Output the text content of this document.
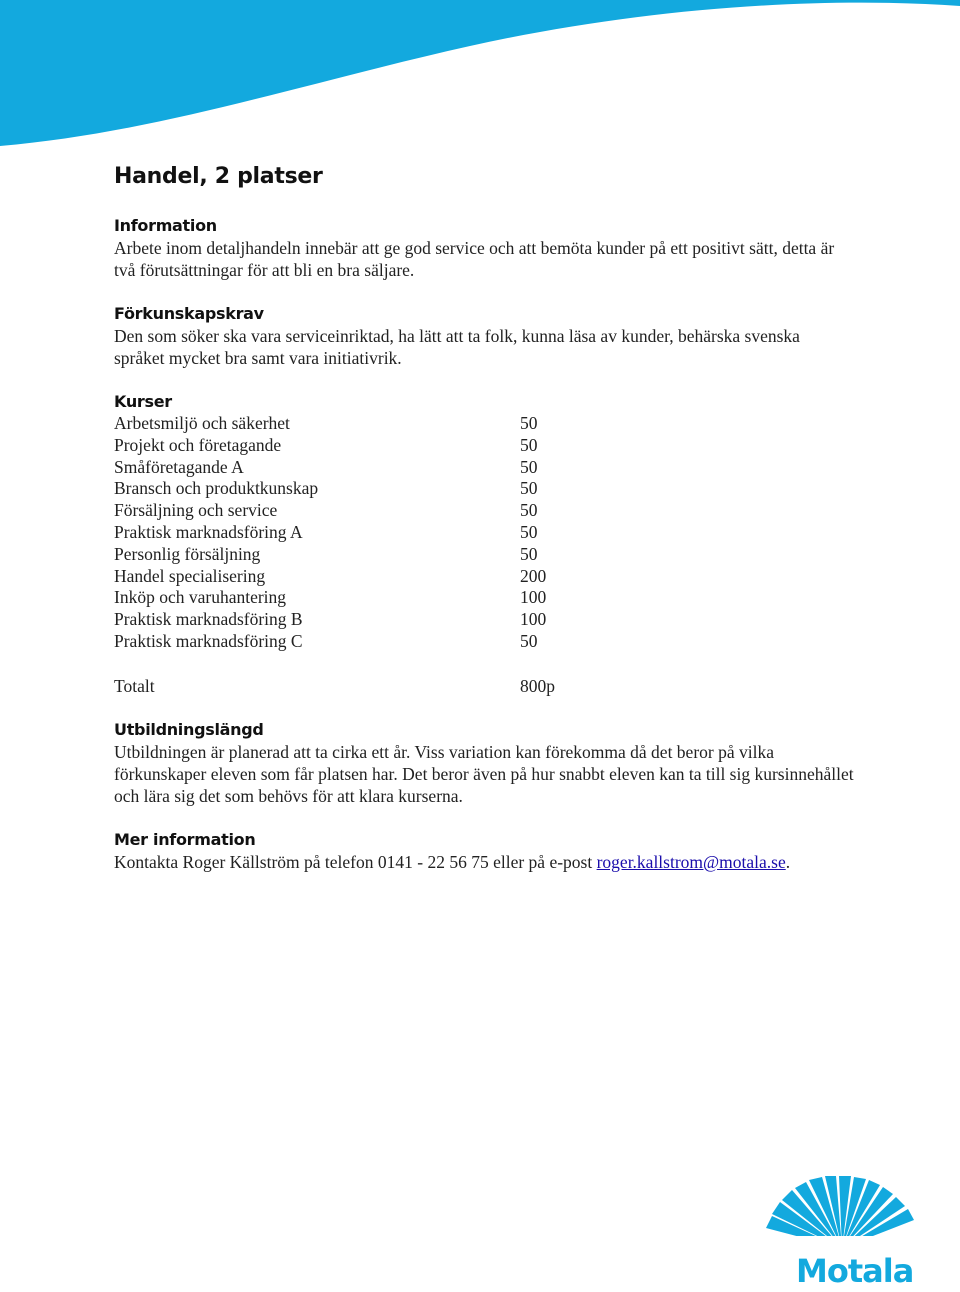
Handel, 2 platser
Information

Arbete inom detaljhandeln innebär att ge god service och att bemöta kunder på ett positivt sätt, detta är två förutsättningar för att bli en bra säljare.

Förkunskapskrav

Den som söker ska vara serviceinriktad, ha lätt att ta folk, kunna läsa av kunder, behärska svenska språket mycket bra samt vara initiativrik.

Kurser
Arbetsmiljö och säkerhet	50
Projekt och företagande	50
Småföretagande A	50
Bransch och produktkunskap	50
Försäljning och service	50
Praktisk marknadsföring A	50
Personlig försäljning	50
Handel specialisering	200
Inköp och varuhantering	100
Praktisk marknadsföring B	100
Praktisk marknadsföring C	50
Totalt	800p
Utbildningslängd

Utbildningen är planerad att ta cirka ett år. Viss variation kan förekomma då det beror på vilka förkunskaper eleven som får platsen har. Det beror även på hur snabbt eleven kan ta till sig kursinnehållet och lära sig det som behövs för att klara kurserna.

Mer information

Kontakta Roger Källström på telefon 0141 - 22 56 75 eller på e-post roger.kallstrom@motala.se.

Motala
